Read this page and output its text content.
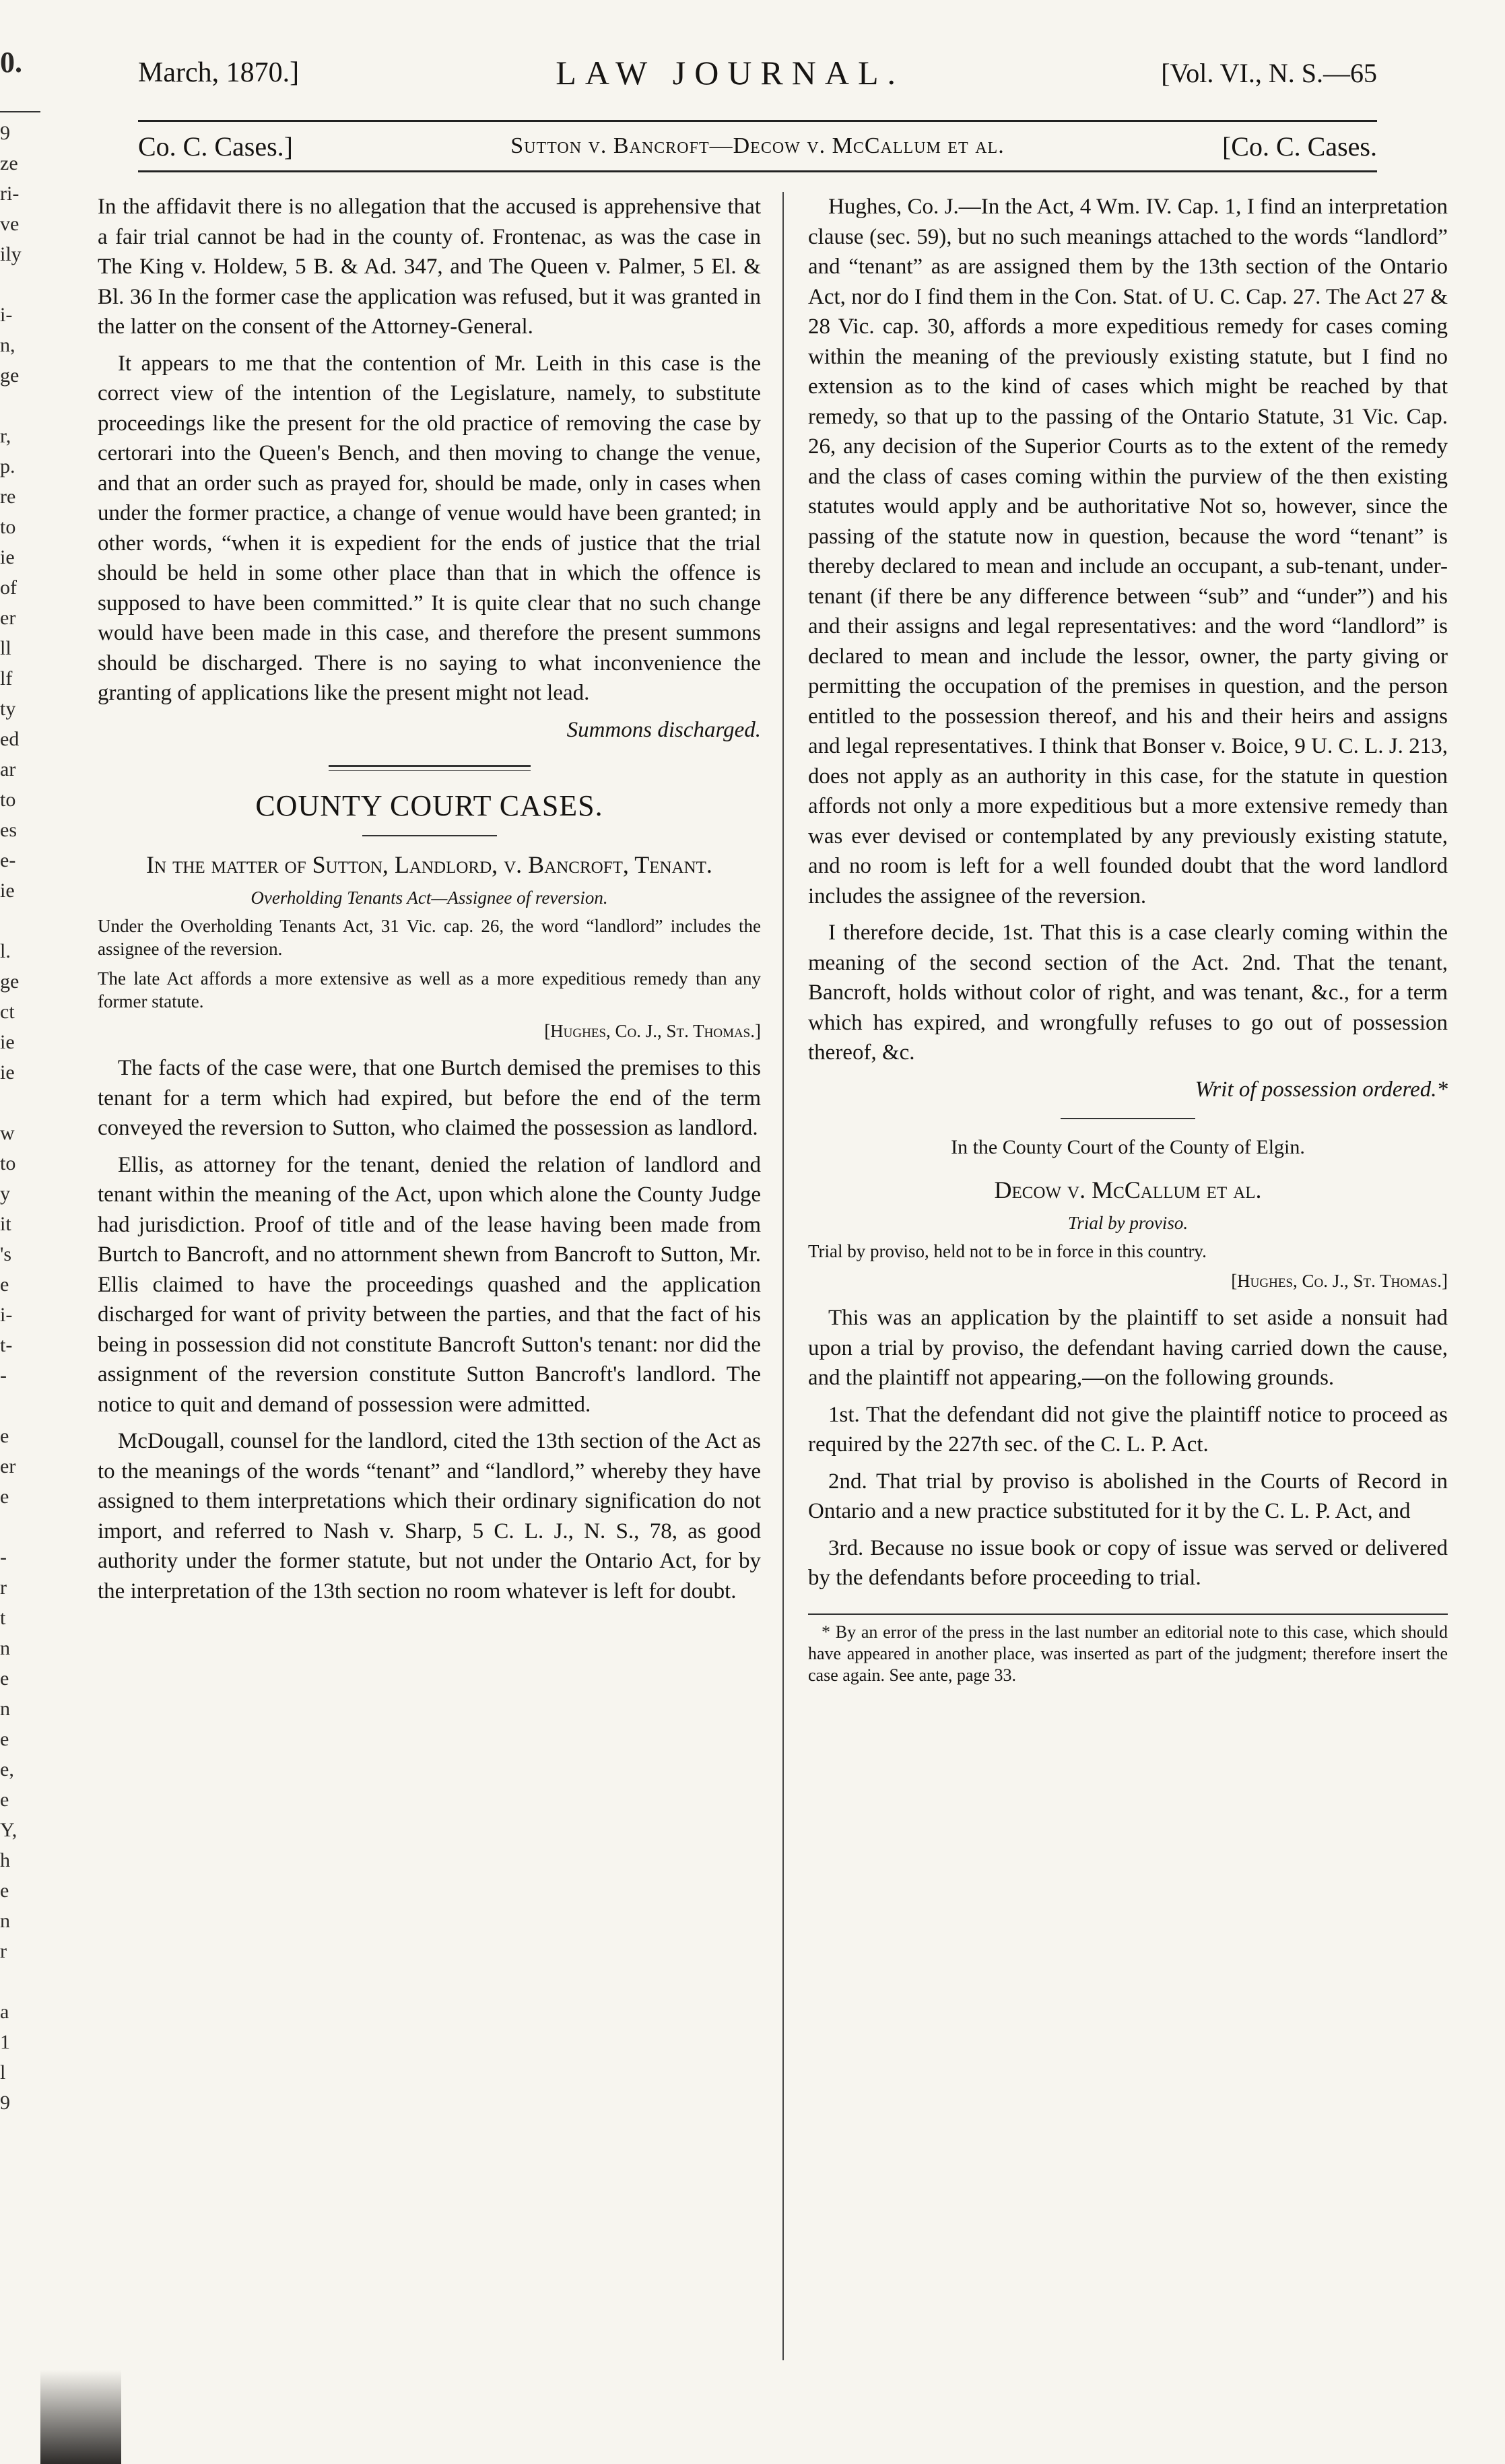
0.
9
ze
ri-
ve
ily

i-
n,
ge

r,
p.
re
to
ie
of
er
ll
lf
ty
ed
ar
to
es
e-
ie

l.
ge
ct
ie
ie

w
to
y
it
's
e
i-
t-
-

e
er
e

-
r
t
n
e
n
e
e,
e
Y,
h
e
n
r

a
1
l
9
March, 1870.]	LAW JOURNAL.	[Vol. VI., N. S.—65
Co. C. Cases.]	Sutton v. Bancroft—Decow v. McCallum et al.	[Co. C. Cases.

In the affidavit there is no allegation that the accused is apprehensive that a fair trial cannot be had in the county of. Frontenac, as was the case in The King v. Holdew, 5 B. & Ad. 347, and The Queen v. Palmer, 5 El. & Bl. 36 In the former case the application was refused, but it was granted in the latter on the consent of the Attorney-General.

It appears to me that the contention of Mr. Leith in this case is the correct view of the intention of the Legislature, namely, to substitute proceedings like the present for the old practice of removing the case by certorari into the Queen's Bench, and then moving to change the venue, and that an order such as prayed for, should be made, only in cases when under the former practice, a change of venue would have been granted; in other words, “when it is expedient for the ends of justice that the trial should be held in some other place than that in which the offence is supposed to have been committed.” It is quite clear that no such change would have been made in this case, and therefore the present summons should be discharged. There is no saying to what inconvenience the granting of applications like the present might not lead.

Summons discharged.
COUNTY COURT CASES.
In the matter of Sutton, Landlord, v. Bancroft, Tenant.

Overholding Tenants Act—Assignee of reversion.

Under the Overholding Tenants Act, 31 Vic. cap. 26, the word “landlord” includes the assignee of the reversion.

The late Act affords a more extensive as well as a more expeditious remedy than any former statute.

[Hughes, Co. J., St. Thomas.]

The facts of the case were, that one Burtch demised the premises to this tenant for a term which had expired, but before the end of the term conveyed the reversion to Sutton, who claimed the possession as landlord.

Ellis, as attorney for the tenant, denied the relation of landlord and tenant within the meaning of the Act, upon which alone the County Judge had jurisdiction. Proof of title and of the lease having been made from Burtch to Bancroft, and no attornment shewn from Bancroft to Sutton, Mr. Ellis claimed to have the proceedings quashed and the application discharged for want of privity between the parties, and that the fact of his being in possession did not constitute Bancroft Sutton's tenant: nor did the assignment of the reversion constitute Sutton Bancroft's landlord. The notice to quit and demand of possession were admitted.

McDougall, counsel for the landlord, cited the 13th section of the Act as to the meanings of the words “tenant” and “landlord,” whereby they have assigned to them interpretations which their ordinary signification do not import, and referred to Nash v. Sharp, 5 C. L. J., N. S., 78, as good authority under the former statute, but not under the Ontario Act, for by the interpretation of the 13th section no room whatever is left for doubt.

Hughes, Co. J.—In the Act, 4 Wm. IV. Cap. 1, I find an interpretation clause (sec. 59), but no such meanings attached to the words “landlord” and “tenant” as are assigned them by the 13th section of the Ontario Act, nor do I find them in the Con. Stat. of U. C. Cap. 27. The Act 27 & 28 Vic. cap. 30, affords a more expeditious remedy for cases coming within the meaning of the previously existing statute, but I find no extension as to the kind of cases which might be reached by that remedy, so that up to the passing of the Ontario Statute, 31 Vic. Cap. 26, any decision of the Superior Courts as to the extent of the remedy and the class of cases coming within the purview of the then existing statutes would apply and be authoritative Not so, however, since the passing of the statute now in question, because the word “tenant” is thereby declared to mean and include an occupant, a sub-tenant, under-tenant (if there be any difference between “sub” and “under”) and his and their assigns and legal representatives: and the word “landlord” is declared to mean and include the lessor, owner, the party giving or permitting the occupation of the premises in question, and the person entitled to the possession thereof, and his and their heirs and assigns and legal representatives. I think that Bonser v. Boice, 9 U. C. L. J. 213, does not apply as an authority in this case, for the statute in question affords not only a more expeditious but a more extensive remedy than was ever devised or contemplated by any previously existing statute, and no room is left for a well founded doubt that the word landlord includes the assignee of the reversion.

I therefore decide, 1st. That this is a case clearly coming within the meaning of the second section of the Act. 2nd. That the tenant, Bancroft, holds without color of right, and was tenant, &c., for a term which has expired, and wrongfully refuses to go out of possession thereof, &c.

Writ of possession ordered.*
In the County Court of the County of Elgin.
Decow v. McCallum et al.

Trial by proviso.

Trial by proviso, held not to be in force in this country.

[Hughes, Co. J., St. Thomas.]

This was an application by the plaintiff to set aside a nonsuit had upon a trial by proviso, the defendant having carried down the cause, and the plaintiff not appearing,—on the following grounds.

1st. That the defendant did not give the plaintiff notice to proceed as required by the 227th sec. of the C. L. P. Act.

2nd. That trial by proviso is abolished in the Courts of Record in Ontario and a new practice substituted for it by the C. L. P. Act, and

3rd. Because no issue book or copy of issue was served or delivered by the defendants before proceeding to trial.

* By an error of the press in the last number an editorial note to this case, which should have appeared in another place, was inserted as part of the judgment; therefore insert the case again. See ante, page 33.
